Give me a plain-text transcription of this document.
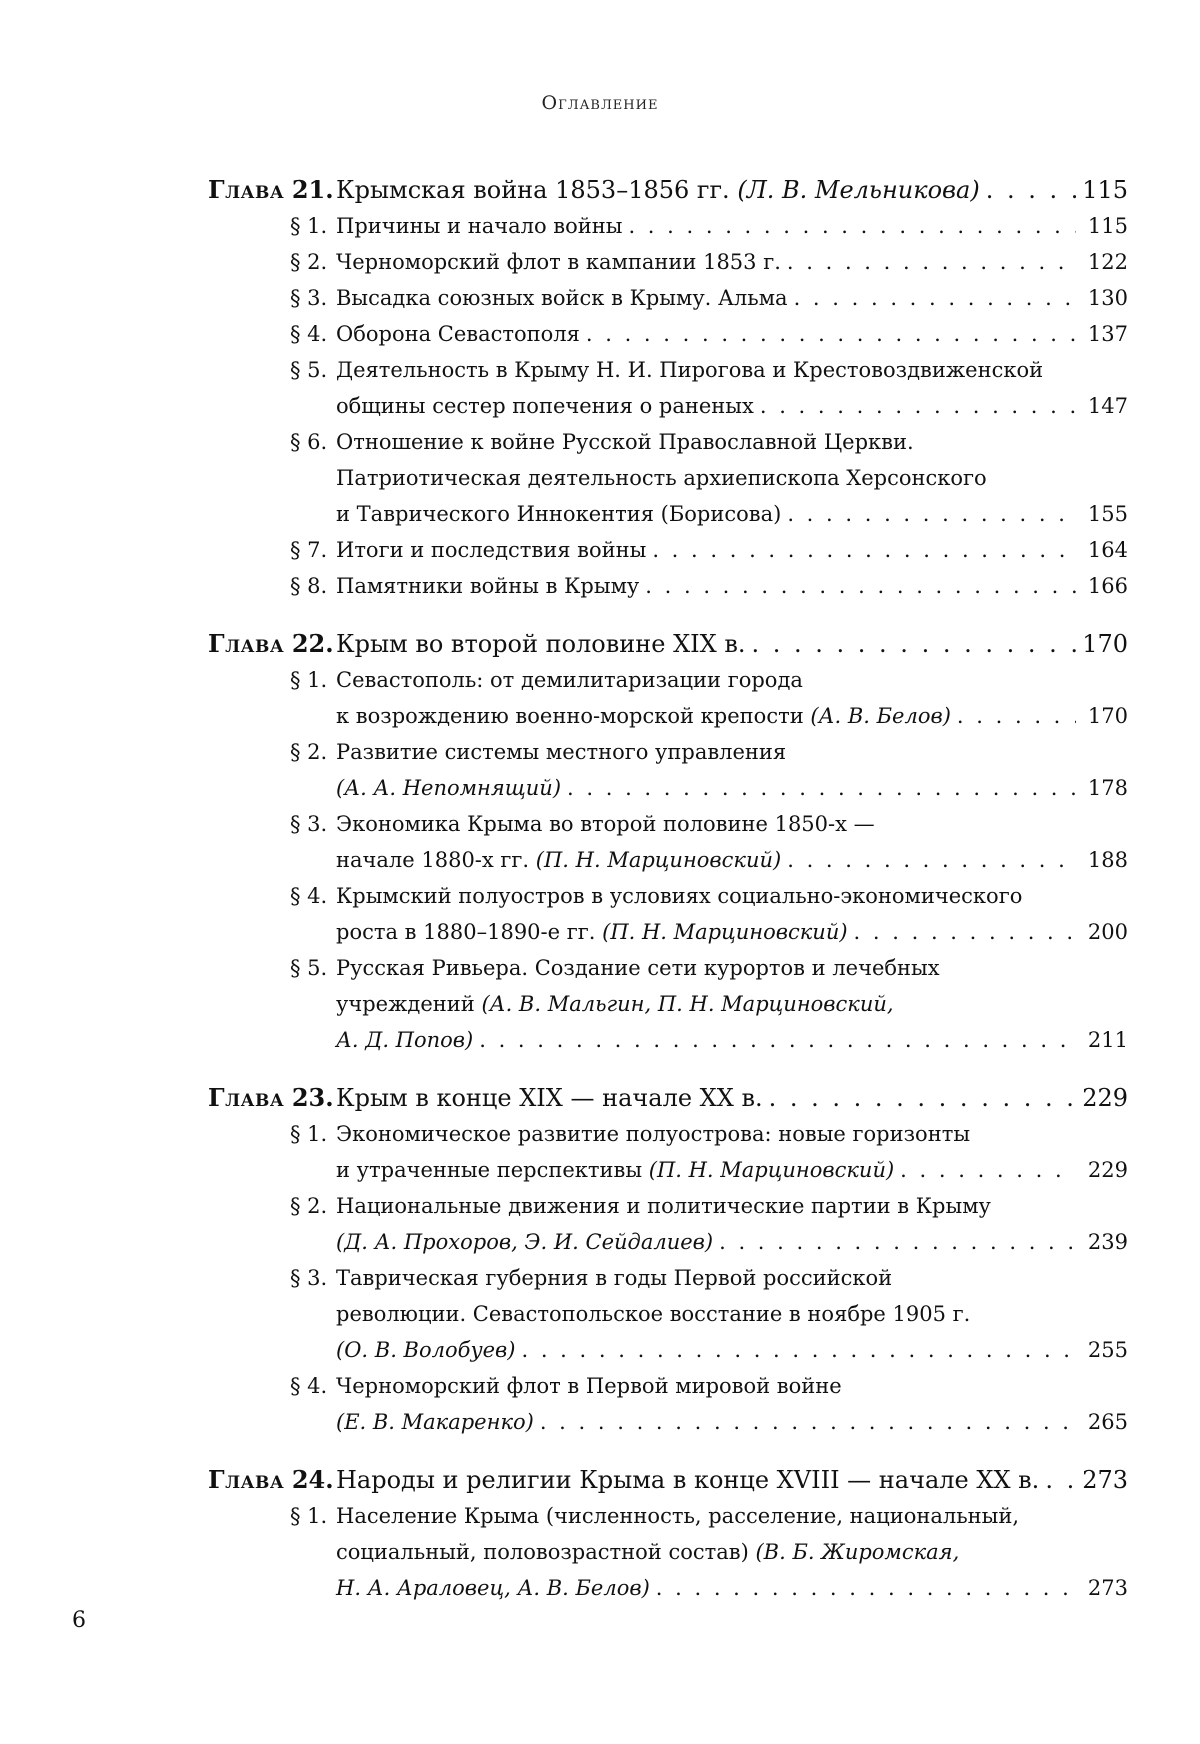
Оглавление
Глава 21. Крымская война 1853–1856 гг.
(Л. В. Мельникова)
. . .	115
§ 1. Причины и начало войны
. . .	115
§ 2. Черноморский флот в кампании 1853 г.
. . .	122
§ 3. Высадка союзных войск в Крыму. Альма
. . .	130
§ 4. Оборона Севастополя
. . .	137
§ 5. Деятельность в Крыму Н. И. Пирогова и Крестовоздвиженской
общины сестер попечения о раненых
. . .	147
§ 6. Отношение к войне Русской Православной Церкви.
Патриотическая деятельность архиепископа Херсонского
и Таврического Иннокентия (Борисова)
. . .	155
§ 7. Итоги и последствия войны
. . .	164
§ 8. Памятники войны в Крыму
. . .	166
Глава 22. Крым во второй половине XIX в.
. . .	170
§ 1. Севастополь: от демилитаризации города
к возрождению военно-морской крепости
(А. В. Белов)
. . .	170
§ 2. Развитие системы местного управления
(А. А. Непомнящий)
. . .	178
§ 3. Экономика Крыма во второй половине 1850-х —
начале 1880-х гг.
(П. Н. Марциновский)
. . .	188
§ 4. Крымский полуостров в условиях социально-экономического
роста в 1880–1890-е гг.
(П. Н. Марциновский)
. . .	200
§ 5. Русская Ривьера. Создание сети курортов и лечебных
учреждений
(А. В. Мальгин, П. Н. Марциновский,
А. Д. Попов)
. . .	211
Глава 23. Крым в конце XIX — начале XX в.
. . .	229
§ 1. Экономическое развитие полуострова: новые горизонты
и утраченные перспективы
(П. Н. Марциновский)
. . .	229
§ 2. Национальные движения и политические партии в Крыму
(Д. А. Прохоров, Э. И. Сейдалиев)
. . .	239
§ 3. Таврическая губерния в годы Первой российской
революции. Севастопольское восстание в ноябре 1905 г.
(О. В. Волобуев)
. . .	255
§ 4. Черноморский флот в Первой мировой войне
(Е. В. Макаренко)
. . .	265
Глава 24. Народы и религии Крыма в конце XVIII — начале XX в.
. . . 273
§ 1. Население Крыма (численность, расселение, национальный,
социальный, половозрастной состав)
(В. Б. Жиромская,
Н. А. Араловец, А. В. Белов)
. . .	273
6
